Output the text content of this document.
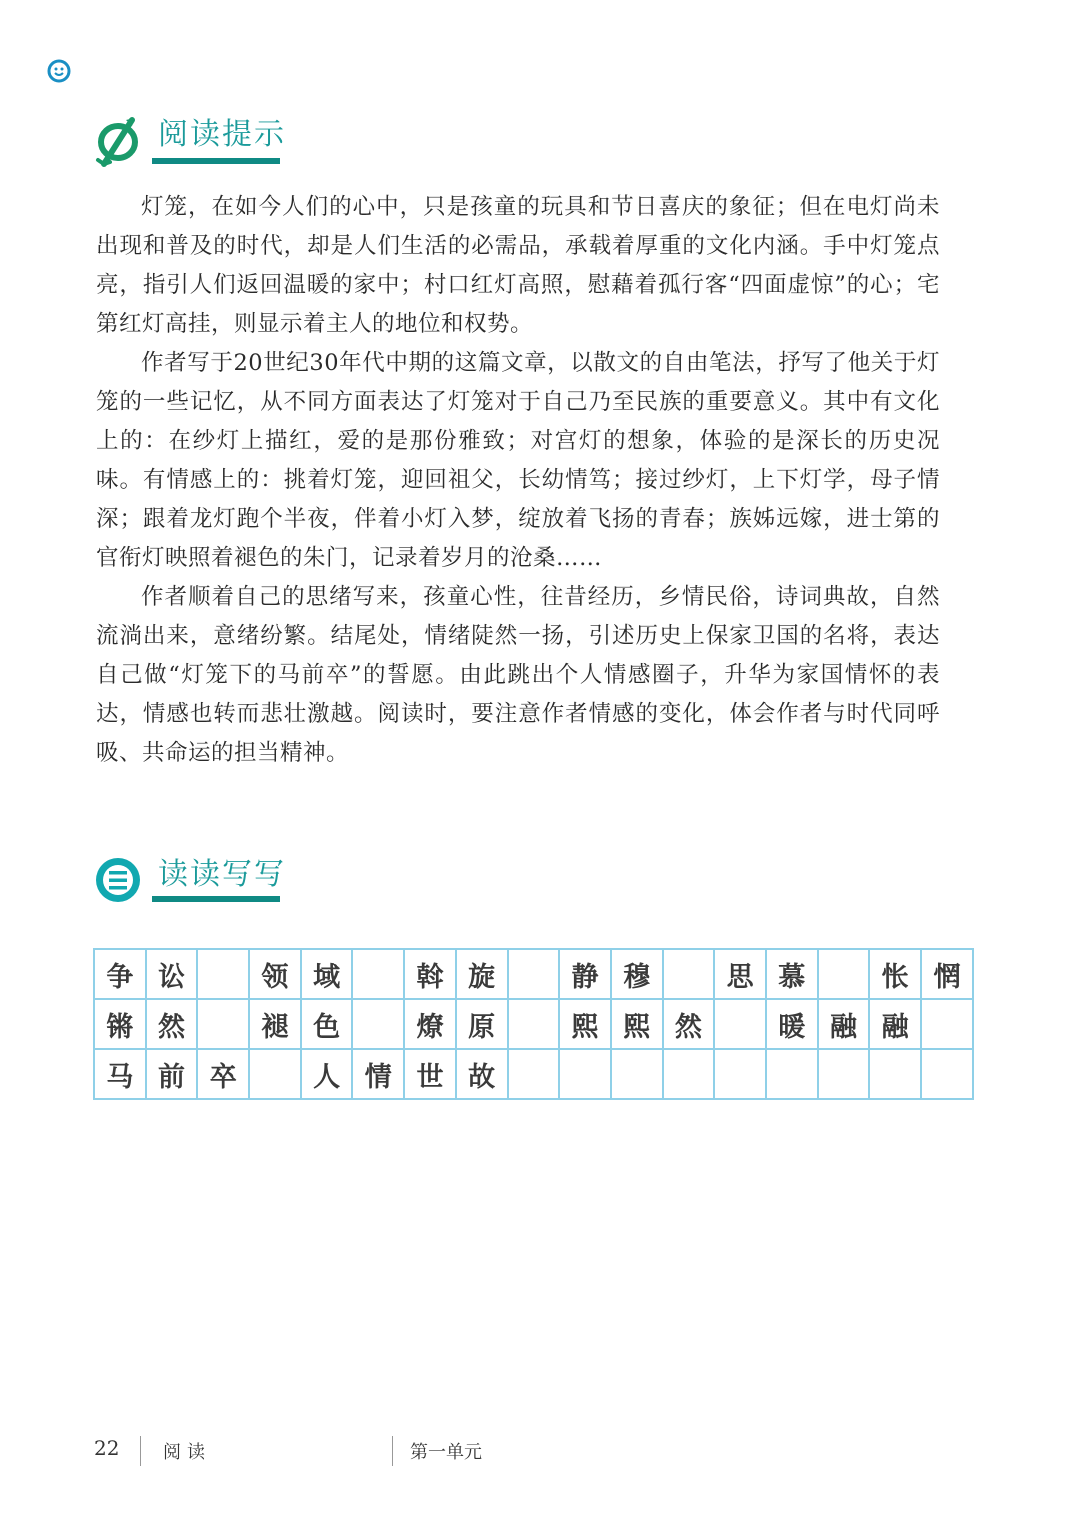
阅读提示

灯笼，在如今人们的心中，只是孩童的玩具和节日喜庆的象征；但在电灯尚未出现和普及的时代，却是人们生活的必需品，承载着厚重的文化内涵。手中灯笼点亮，指引人们返回温暖的家中；村口红灯高照，慰藉着孤行客“四面虚惊”的心；宅第红灯高挂，则显示着主人的地位和权势。

作者写于20世纪30年代中期的这篇文章，以散文的自由笔法，抒写了他关于灯笼的一些记忆，从不同方面表达了灯笼对于自己乃至民族的重要意义。其中有文化上的：在纱灯上描红，爱的是那份雅致；对宫灯的想象，体验的是深长的历史况味。有情感上的：挑着灯笼，迎回祖父，长幼情笃；接过纱灯，上下灯学，母子情深；跟着龙灯跑个半夜，伴着小灯入梦，绽放着飞扬的青春；族姊远嫁，进士第的官衔灯映照着褪色的朱门，记录着岁月的沧桑……

作者顺着自己的思绪写来，孩童心性，往昔经历，乡情民俗，诗词典故，自然流淌出来，意绪纷繁。结尾处，情绪陡然一扬，引述历史上保家卫国的名将，表达自己做“灯笼下的马前卒”的誓愿。由此跳出个人情感圈子，升华为家国情怀的表达，情感也转而悲壮激越。阅读时，要注意作者情感的变化，体会作者与时代同呼吸、共命运的担当精神。

读读写写
争	讼		领	域		斡	旋		静	穆		思	慕		怅	惘
锵	然		褪	色		燎	原		熙	熙	然		暖	融	融	
马	前	卒		人	情	世	故									
22 阅读	第一单元
